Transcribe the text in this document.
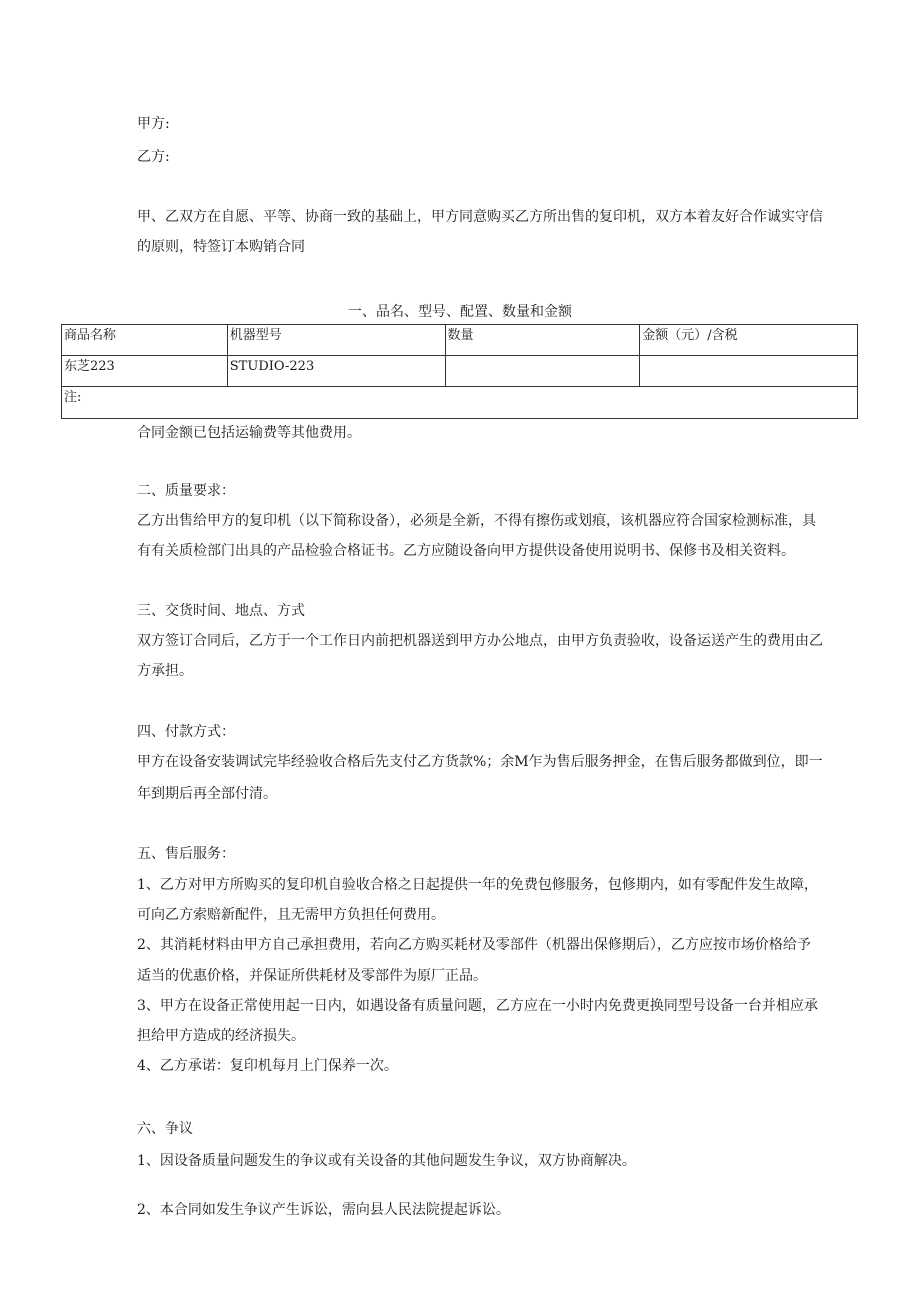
甲方:
乙方:
甲、乙双方在自愿、平等、协商一致的基础上，甲方同意购买乙方所出售的复印机，双方本着友好合作诚实守信
的原则，特签订本购销合同
一、品名、型号、配置、数量和金额
商品名称	机器型号	数量	金额（元）/含税
东芝223	STUDIO-223		
注:			
合同金额已包括运输费等其他费用。
二、质量要求：
乙方出售给甲方的复印机（以下简称设备），必须是全新，不得有擦伤或划痕，该机器应符合国家检测标准，具
有有关质检部门出具的产品检验合格证书。乙方应随设备向甲方提供设备使用说明书、保修书及相关资料。
三、交货时间、地点、方式
双方签订合同后，乙方于一个工作日内前把机器送到甲方办公地点，由甲方负责验收，设备运送产生的费用由乙
方承担。
四、付款方式：
甲方在设备安装调试完毕经验收合格后先支付乙方货款%；余M乍为售后服务押金，在售后服务都做到位，即一
年到期后再全部付清。
五、售后服务：
1、乙方对甲方所购买的复印机自验收合格之日起提供一年的免费包修服务，包修期内，如有零配件发生故障，
可向乙方索赔新配件，且无需甲方负担任何费用。
2、其消耗材料由甲方自己承担费用，若向乙方购买耗材及零部件（机器出保修期后），乙方应按市场价格给予
适当的优惠价格，并保证所供耗材及零部件为原厂正品。
3、甲方在设备正常使用起一日内，如遇设备有质量问题，乙方应在一小时内免费更换同型号设备一台并相应承
担给甲方造成的经济损失。
4、乙方承诺：复印机每月上门保养一次。
六、争议
1、因设备质量问题发生的争议或有关设备的其他问题发生争议，双方协商解决。
2、本合同如发生争议产生诉讼，需向县人民法院提起诉讼。
